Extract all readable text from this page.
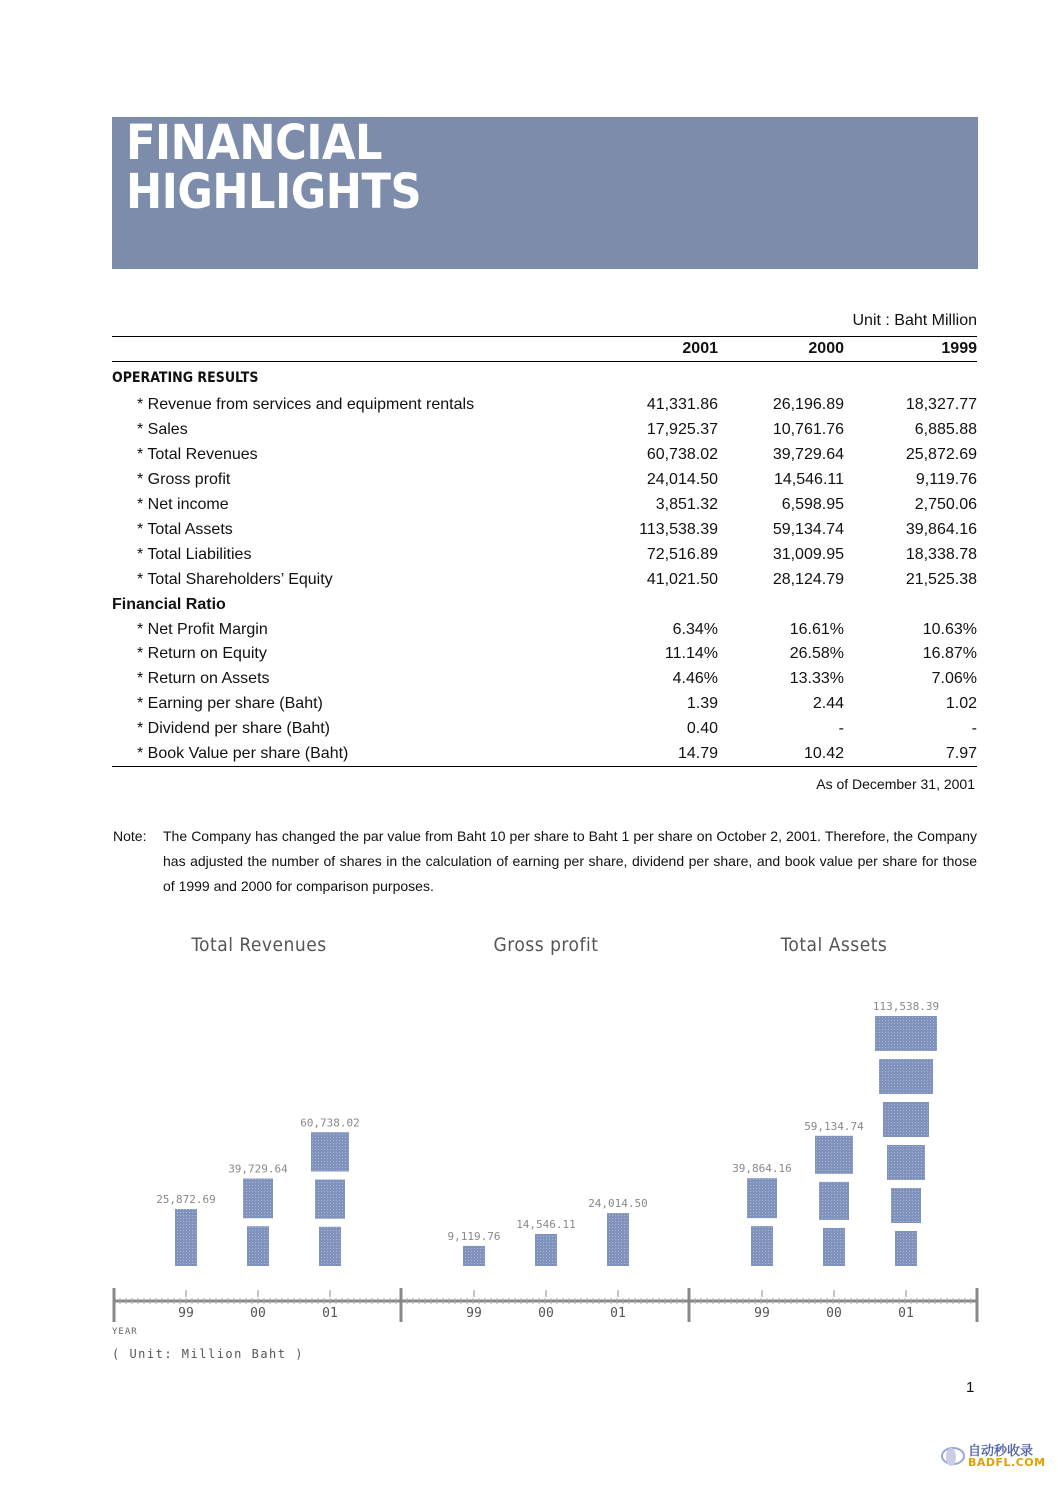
FINANCIAL
HIGHLIGHTS
Unit : Baht Million
	2001	2000	1999
OPERATING RESULTS			
* Revenue from services and equipment rentals	41,331.86	26,196.89	18,327.77
* Sales	17,925.37	10,761.76	6,885.88
* Total Revenues	60,738.02	39,729.64	25,872.69
* Gross profit	24,014.50	14,546.11	9,119.76
* Net income	3,851.32	6,598.95	2,750.06
* Total Assets	113,538.39	59,134.74	39,864.16
* Total Liabilities	72,516.89	31,009.95	18,338.78
* Total Shareholders’ Equity	41,021.50	28,124.79	21,525.38
Financial Ratio			
* Net Profit Margin	6.34%	16.61%	10.63%
* Return on Equity	11.14%	26.58%	16.87%
* Return on Assets	4.46%	13.33%	7.06%
* Earning per share (Baht)	1.39	2.44	1.02
* Dividend per share (Baht)	0.40	-	-
* Book Value per share (Baht)	14.79	10.42	7.97
As of December 31, 2001
Note: The Company has changed the par value from Baht 10 per share to Baht 1 per share on October 2, 2001. Therefore, the Company has adjusted the number of shares in the calculation of earning per share, dividend per share, and book value per share for those of 1999 and 2000 for comparison purposes.
Total Revenues	Gross profit	Total Assets
25,872.69
99
39,729.64
00
60,738.02
01
9,119.76
99
14,546.11
00
24,014.50
01
39,864.16
99
59,134.74
00
113,538.39
01
YEAR
( Unit: Million Baht )
1
自动秒收录
BADFL.COM
